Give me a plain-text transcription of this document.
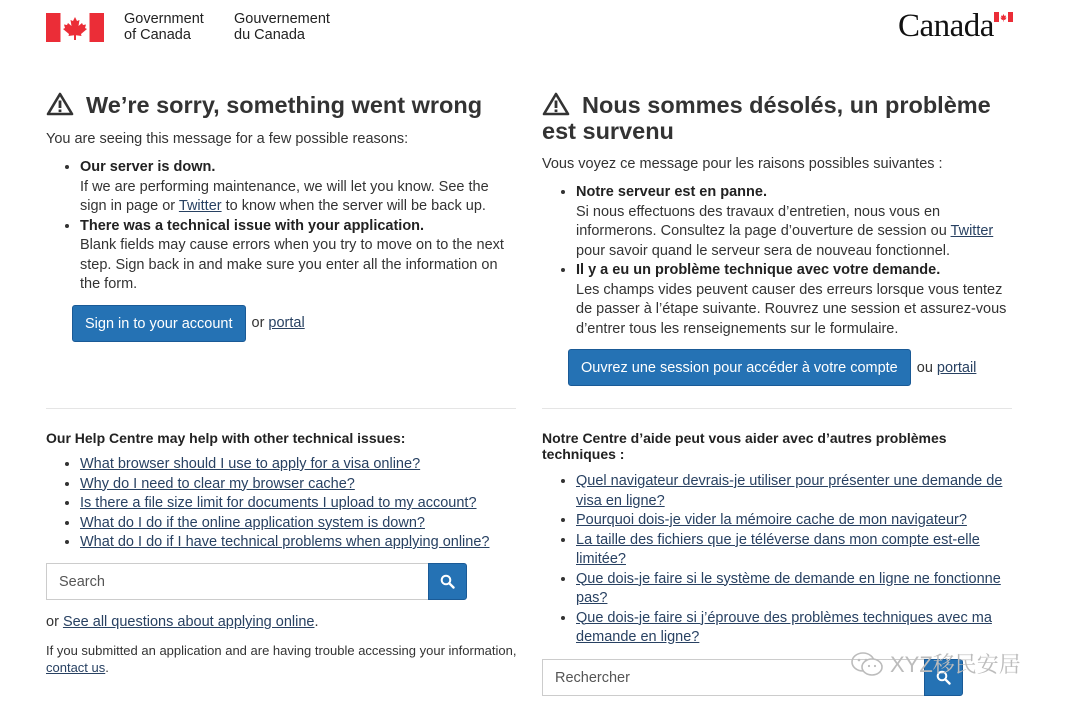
Government
of Canada
Gouvernement
du Canada	Canada
We’re sorry, something went wrong

You are seeing this message for a few possible reasons:

• Our server is down.
If we are performing maintenance, we will let you know. See the sign in page or Twitter to know when the server will be back up.
• There was a technical issue with your application.
Blank fields may cause errors when you try to move on to the next step. Sign back in and make sure you enter all the information on the form.
Sign in to your account	or portal
Our Help Centre may help with other technical issues:
• What browser should I use to apply for a visa online?
• Why do I need to clear my browser cache?
• Is there a file size limit for documents I upload to my account?
• What do I do if the online application system is down?
• What do I do if I have technical problems when applying online?
Search
or See all questions about applying online.
If you submitted an application and are having trouble accessing your information,
contact us.
Nous sommes désolés, un problème est survenu

Vous voyez ce message pour les raisons possibles suivantes :

• Notre serveur est en panne.
Si nous effectuons des travaux d’entretien, nous vous en informerons. Consultez la page d’ouverture de session ou Twitter pour savoir quand le serveur sera de nouveau fonctionnel.
• Il y a eu un problème technique avec votre demande.
Les champs vides peuvent causer des erreurs lorsque vous tentez de passer à l’étape suivante. Rouvrez une session et assurez-vous d’entrer tous les renseignements sur le formulaire.
Ouvrez une session pour accéder à votre compte	ou portail
Notre Centre d’aide peut vous aider avec d’autres problèmes techniques :
• Quel navigateur devrais-je utiliser pour présenter une demande de visa en ligne?
• Pourquoi dois-je vider la mémoire cache de mon navigateur?
• La taille des fichiers que je téléverse dans mon compte est-elle limitée?
• Que dois-je faire si le système de demande en ligne ne fonctionne pas?
• Que dois-je faire si j’éprouve des problèmes techniques avec ma demande en ligne?
Rechercher
XYZ移民安居
